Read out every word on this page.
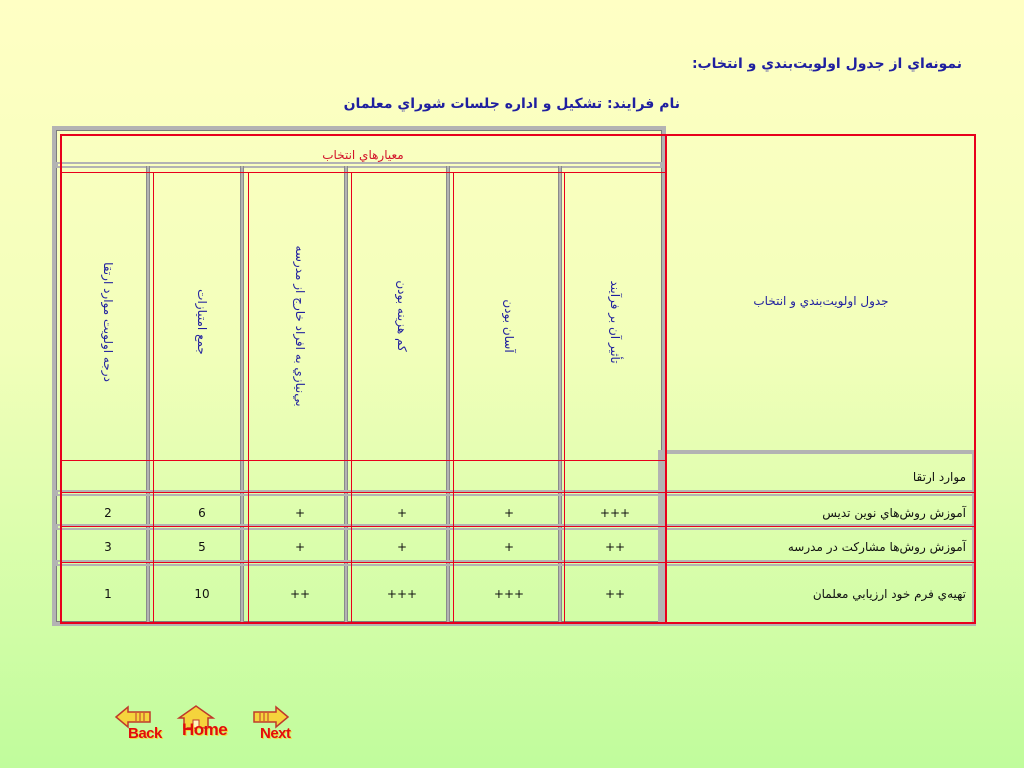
نمونه‌اي از جدول اولويت‌بندي و انتخاب:
نام فرايند: تشكيل و اداره جلسات شوراي معلمان
معيارهاي انتخاب
جدول اولويت‌بندي و انتخاب
تأثير آن بر فرآيند
آسان بودن
كم هزينه بودن
بي‌نيازي به افراد خارج از مدرسه
جمع امتيازات
درجه اولويت موارد ارتقا
موارد ارتقا
آموزش روش‌هاي نوين تديس
+++
+
+
+
6
2
آموزش روش‌ها مشاركت در مدرسه
++
+
+
+
5
3
تهيه‌ي فرم خود ارزيابي معلمان
++
+++
+++
++
10
1
Back Home Next
